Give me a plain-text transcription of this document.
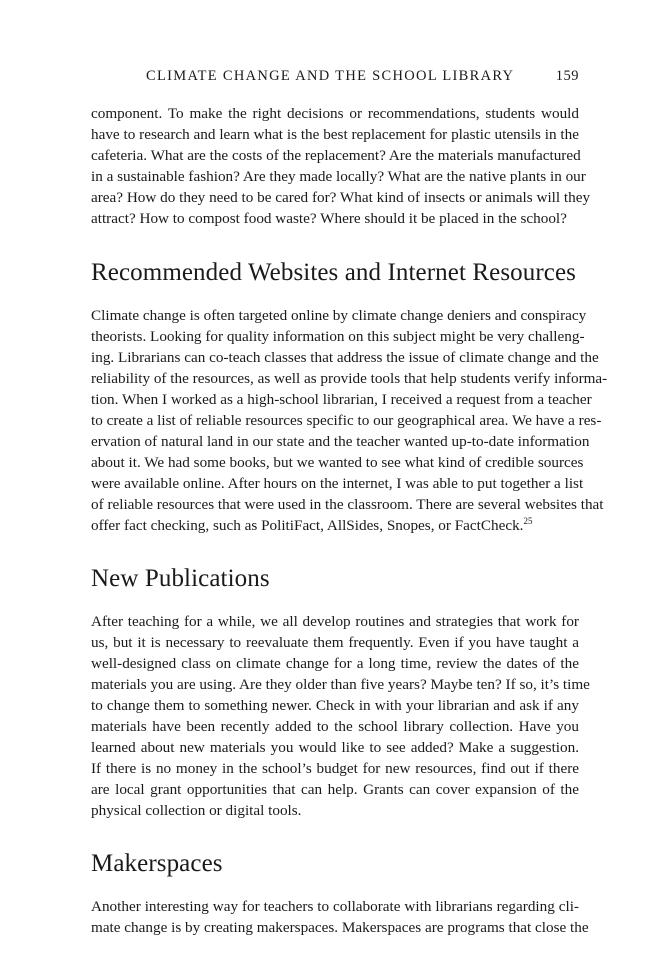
CLIMATE CHANGE AND THE SCHOOL LIBRARY	159

component. To make the right decisions or recommendations, students would
have to research and learn what is the best replacement for plastic utensils in the
cafeteria. What are the costs of the replacement? Are the materials manufactured
in a sustainable fashion? Are they made locally? What are the native plants in our
area? How do they need to be cared for? What kind of insects or animals will they
attract? How to compost food waste? Where should it be placed in the school?

Recommended Websites and Internet Resources

Climate change is often targeted online by climate change deniers and conspiracy
theorists. Looking for quality information on this subject might be very challeng-
ing. Librarians can co-teach classes that address the issue of climate change and the
reliability of the resources, as well as provide tools that help students verify informa-
tion. When I worked as a high-school librarian, I received a request from a teacher
to create a list of reliable resources specific to our geographical area. We have a res-
ervation of natural land in our state and the teacher wanted up-to-date information
about it. We had some books, but we wanted to see what kind of credible sources
were available online. After hours on the internet, I was able to put together a list
of reliable resources that were used in the classroom. There are several websites that
offer fact checking, such as PolitiFact, AllSides, Snopes, or FactCheck.$^{25}$

New Publications

After teaching for a while, we all develop routines and strategies that work for
us, but it is necessary to reevaluate them frequently. Even if you have taught a
well-designed class on climate change for a long time, review the dates of the
materials you are using. Are they older than five years? Maybe ten? If so, it’s time
to change them to something newer. Check in with your librarian and ask if any
materials have been recently added to the school library collection. Have you
learned about new materials you would like to see added? Make a suggestion.
If there is no money in the school’s budget for new resources, find out if there
are local grant opportunities that can help. Grants can cover expansion of the
physical collection or digital tools.

Makerspaces

Another interesting way for teachers to collaborate with librarians regarding cli-
mate change is by creating makerspaces. Makerspaces are programs that close the
